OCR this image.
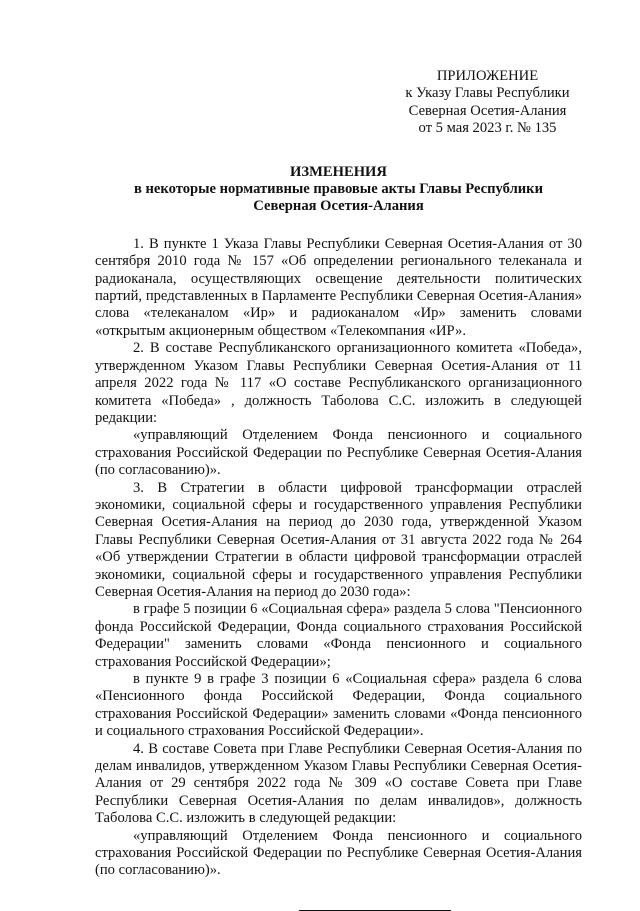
ПРИЛОЖЕНИЕ
к Указу Главы Республики
Северная Осетия-Алания
от 5 мая 2023 г. № 135
ИЗМЕНЕНИЯ
в некоторые нормативные правовые акты Главы Республики
Северная Осетия-Алания

1. В пункте 1 Указа Главы Республики Северная Осетия-Алания от 30 сентября 2010 года № 157 «Об определении регионального телеканала и радиоканала, осуществляющих освещение деятельности политических партий, представленных в Парламенте Республики Северная Осетия-Алания» слова «телеканалом «Ир» и радиоканалом «Ир» заменить словами «открытым акционерным обществом «Телекомпания «ИР».

2. В составе Республиканского организационного комитета «Победа», утвержденном Указом Главы Республики Северная Осетия-Алания от 11 апреля 2022 года № 117 «О составе Республиканского организационного комитета «Победа» , должность Таболова С.С. изложить в следующей редакции:

«управляющий Отделением Фонда пенсионного и социального страхования Российской Федерации по Республике Северная Осетия-Алания (по согласованию)».

3. В Стратегии в области цифровой трансформации отраслей экономики, социальной сферы и государственного управления Республики Северная Осетия-Алания на период до 2030 года, утвержденной Указом Главы Республики Северная Осетия-Алания от 31 августа 2022 года № 264 «Об утверждении Стратегии в области цифровой трансформации отраслей экономики, социальной сферы и государственного управления Республики Северная Осетия-Алания на период до 2030 года»:

в графе 5 позиции 6 «Социальная сфера» раздела 5 слова "Пенсионного фонда Российской Федерации, Фонда социального страхования Российской Федерации" заменить словами «Фонда пенсионного и социального страхования Российской Федерации»;

в пункте 9 в графе 3 позиции 6 «Социальная сфера» раздела 6 слова «Пенсионного фонда Российской Федерации, Фонда социального страхования Российской Федерации» заменить словами «Фонда пенсионного и социального страхования Российской Федерации».

4. В составе Совета при Главе Республики Северная Осетия-Алания по делам инвалидов, утвержденном Указом Главы Республики Северная Осетия-Алания от 29 сентября 2022 года № 309 «О составе Совета при Главе Республики Северная Осетия-Алания по делам инвалидов», должность Таболова С.С. изложить в следующей редакции:

«управляющий Отделением Фонда пенсионного и социального страхования Российской Федерации по Республике Северная Осетия-Алания (по согласованию)».
